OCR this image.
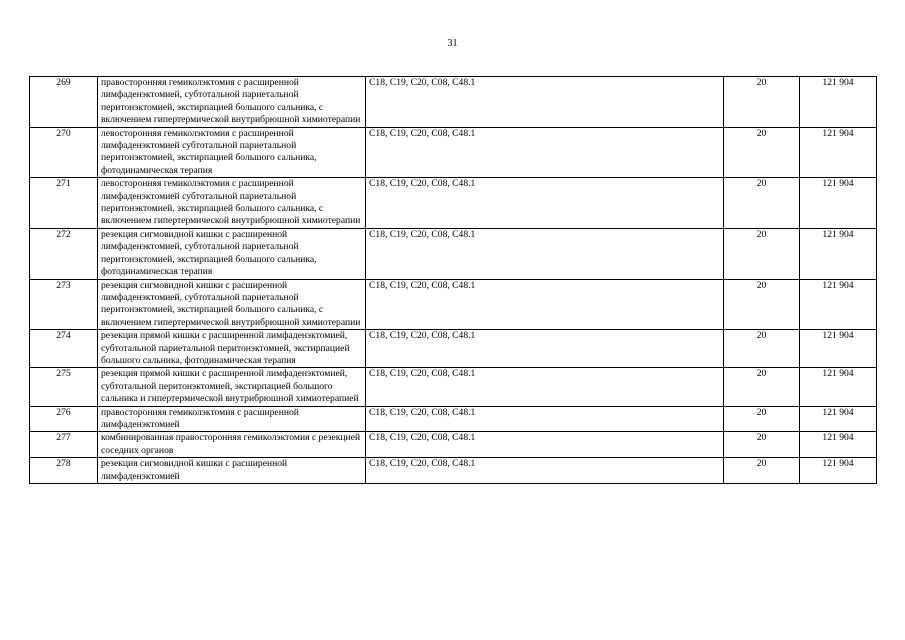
31
269	правосторонняя гемиколэктомия с расширенной лимфаденэктомией, субтотальной париетальной перитонэктомией, экстирпацией большого сальника, с включением гипертермической внутрибрюшной химиотерапии	C18, C19, C20, C08, C48.1		20	121 904
270	левосторонняя гемиколэктомия с расширенной лимфаденэктомией субтотальной париетальной перитонэктомией, экстирпацией большого сальника, фотодинамическая терапия	C18, C19, C20, C08, C48.1		20	121 904
271	левосторонняя гемиколэктомия с расширенной лимфаденэктомией субтотальной париетальной перитонэктомией, экстирпацией большого сальника, с включением гипертермической внутрибрюшной химиотерапии	C18, C19, C20, C08, C48.1		20	121 904
272	резекция сигмовидной кишки с расширенной лимфаденэктомией, субтотальной париетальной перитонэктомией, экстирпацией большого сальника, фотодинамическая терапия	C18, C19, C20, C08, C48.1		20	121 904
273	резекция сигмовидной кишки с расширенной лимфаденэктомией, субтотальной париетальной перитонэктомией, экстирпацией большого сальника, с включением гипертермической внутрибрюшной химиотерапии	C18, C19, C20, C08, C48.1		20	121 904
274	резекция прямой кишки с расширенной лимфаденэктомией, субтотальной париетальной перитонэктомией, экстирпацией большого сальника, фотодинамическая терапия	C18, C19, C20, C08, C48.1		20	121 904
275	резекция прямой кишки с расширенной лимфаденэктомией, субтотальной перитонэктомией, экстирпацией большого сальника и гипертермической внутрибрюшной химиотерапией	C18, C19, C20, C08, C48.1		20	121 904
276	правосторонняя гемиколэктомия с расширенной лимфаденэктомией	C18, C19, C20, C08, C48.1		20	121 904
277	комбинированная правосторонняя гемиколэктомия с резекцией соседних органов	C18, C19, C20, C08, C48.1		20	121 904
278	резекция сигмовидной кишки с расширенной лимфаденэктомией	C18, C19, C20, C08, C48.1		20	121 904
